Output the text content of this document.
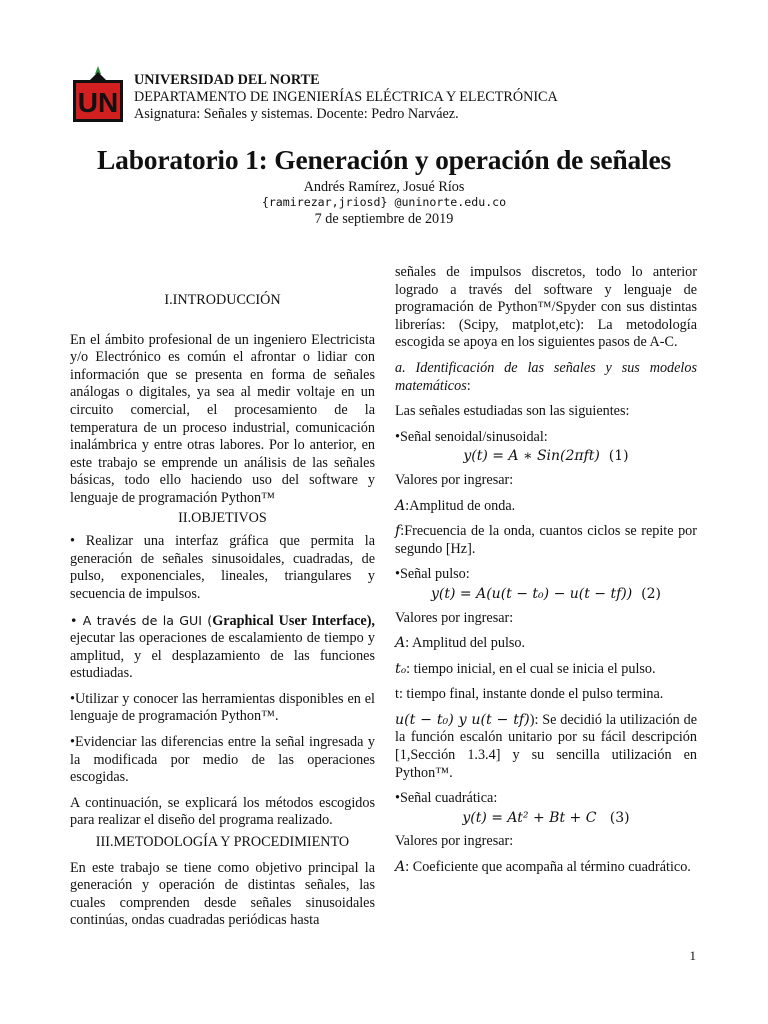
UN
UNIVERSIDAD DEL NORTE
DEPARTAMENTO DE INGENIERÍAS ELÉCTRICA Y ELECTRÓNICA
Asignatura: Señales y sistemas. Docente: Pedro Narváez.
Laboratorio 1: Generación y operación de señales
Andrés Ramírez, Josué Ríos
{ramirezar,jriosd} @uninorte.edu.co
7 de septiembre de 2019

I.INTRODUCCIÓN

En el ámbito profesional de un ingeniero Electricista y/o Electrónico es común el afrontar o lidiar con información que se presenta en forma de señales análogas o digitales, ya sea al medir voltaje en un circuito comercial, el procesamiento de la temperatura de un proceso industrial, comunicación inalámbrica y entre otras labores. Por lo anterior, en este trabajo se emprende un análisis de las señales básicas, todo ello haciendo uso del software y lenguaje de programación Python™

II.OBJETIVOS

• Realizar una interfaz gráfica que permita la generación de señales sinusoidales, cuadradas, de pulso, exponenciales, lineales, triangulares y secuencia de impulsos.

• A través de la GUI (Graphical User Interface), ejecutar las operaciones de escalamiento de tiempo y amplitud, y el desplazamiento de las funciones estudiadas.

•Utilizar y conocer las herramientas disponibles en el lenguaje de programación Python™.

•Evidenciar las diferencias entre la señal ingresada y la modificada por medio de las operaciones escogidas.

A continuación, se explicará los métodos escogidos para realizar el diseño del programa realizado.

III.METODOLOGÍA Y PROCEDIMIENTO

En este trabajo se tiene como objetivo principal la generación y operación de distintas señales, las cuales comprenden desde señales sinusoidales continúas, ondas cuadradas periódicas hasta

señales de impulsos discretos, todo lo anterior logrado a través del software y lenguaje de programación de Python™/Spyder con sus distintas librerías: (Scipy, matplot,etc): La metodología escogida se apoya en los siguientes pasos de A-C.

a. Identificación de las señales y sus modelos matemáticos:

Las señales estudiadas son las siguientes:

•Señal senoidal/sinusoidal:

y(t) = A ∗ Sin(2πft) (1)

Valores por ingresar:

A:Amplitud de onda.

f:Frecuencia de la onda, cuantos ciclos se repite por segundo [Hz].

•Señal pulso:

y(t) = A(u(t − t₀) − u(t − tf)) (2)

Valores por ingresar:

A: Amplitud del pulso.

tₒ: tiempo inicial, en el cual se inicia el pulso.

t: tiempo final, instante donde el pulso termina.

u(t − t₀) y u(t − tf)): Se decidió la utilización de la función escalón unitario por su fácil descripción [1,Sección 1.3.4] y su sencilla utilización en Python™.

•Señal cuadrática:

y(t) = At² + Bt + C (3)

Valores por ingresar:

A: Coeficiente que acompaña al término cuadrático.

1
